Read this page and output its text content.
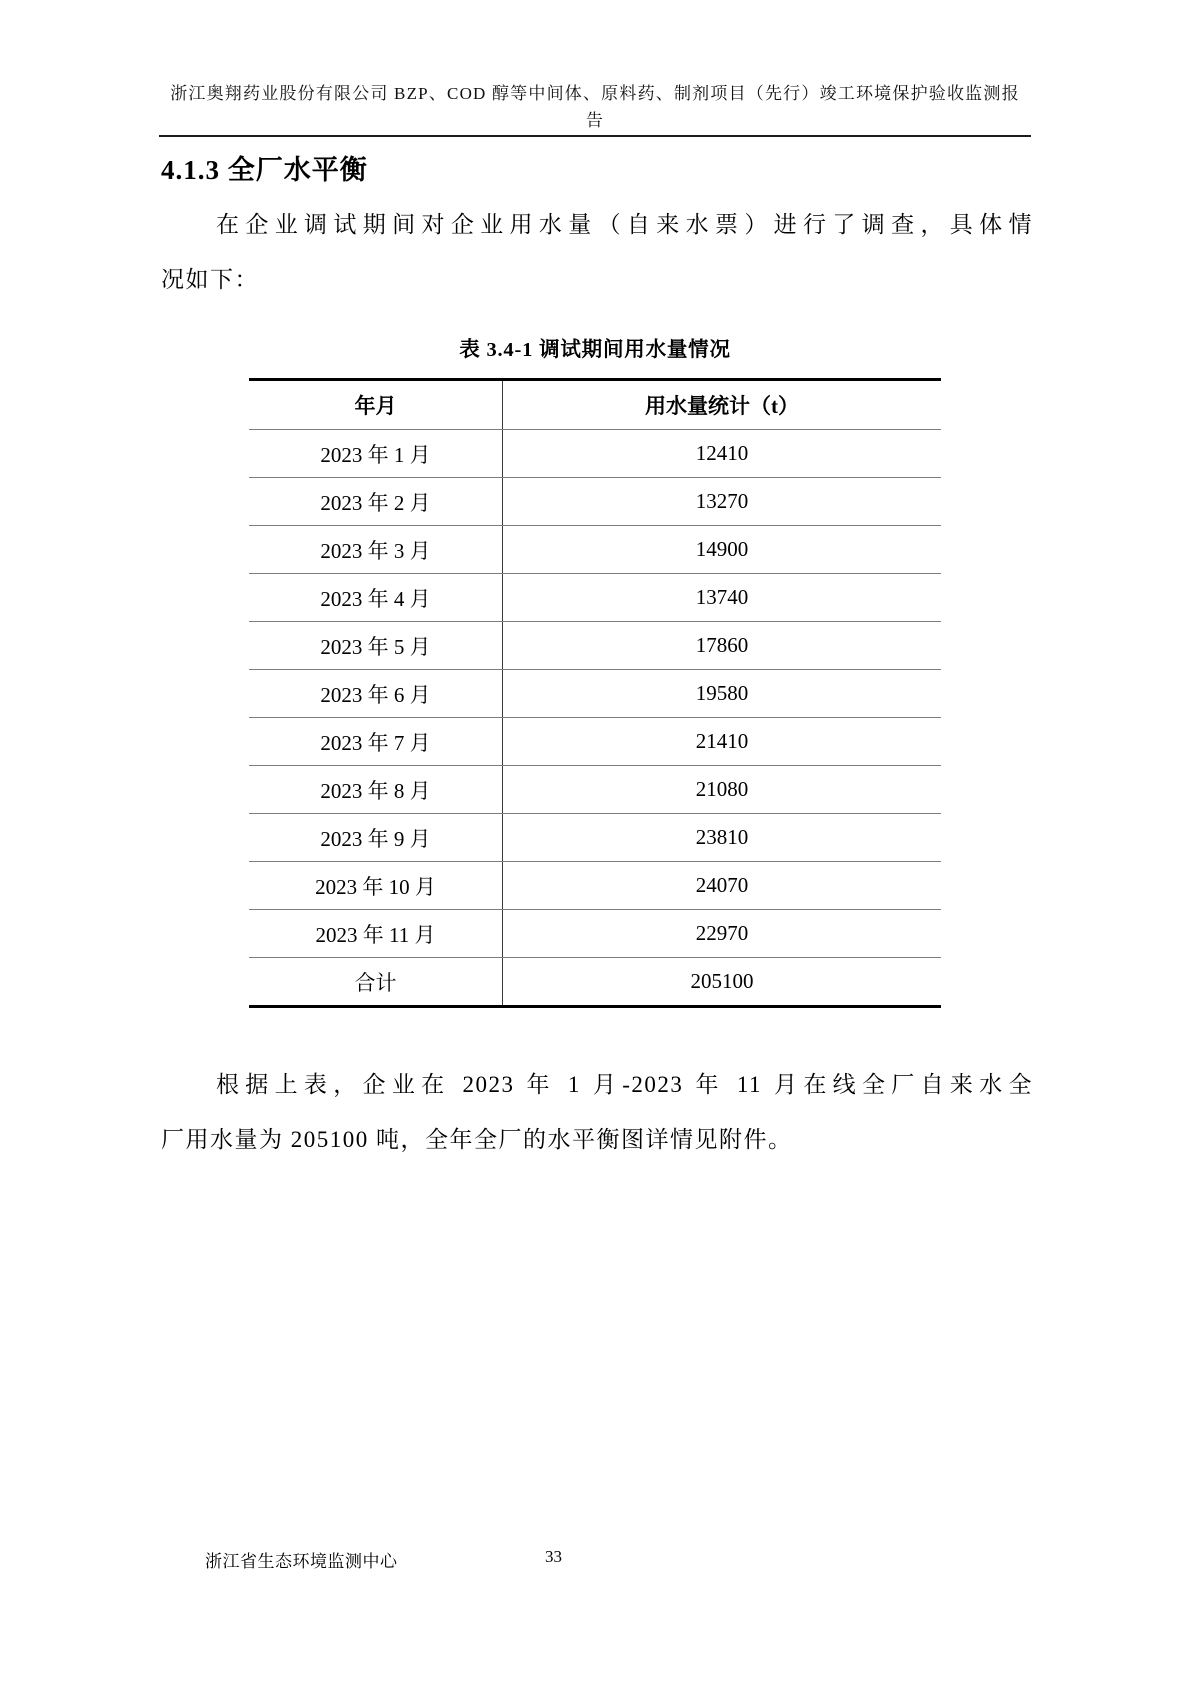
浙江奥翔药业股份有限公司 BZP、COD 醇等中间体、原料药、制剂项目（先行）竣工环境保护验收监测报
告
4.1.3 全厂水平衡
在企业调试期间对企业用水量（自来水票）进行了调查，具体情
况如下：
表 3.4-1 调试期间用水量情况
年月	用水量统计（t）
2023 年 1 月	12410
2023 年 2 月	13270
2023 年 3 月	14900
2023 年 4 月	13740
2023 年 5 月	17860
2023 年 6 月	19580
2023 年 7 月	21410
2023 年 8 月	21080
2023 年 9 月	23810
2023 年 10 月	24070
2023 年 11 月	22970
合计	205100
根据上表，企业在 2023 年 1 月-2023 年 11 月在线全厂自来水全
厂用水量为 205100 吨，全年全厂的水平衡图详情见附件。
浙江省生态环境监测中心	33
